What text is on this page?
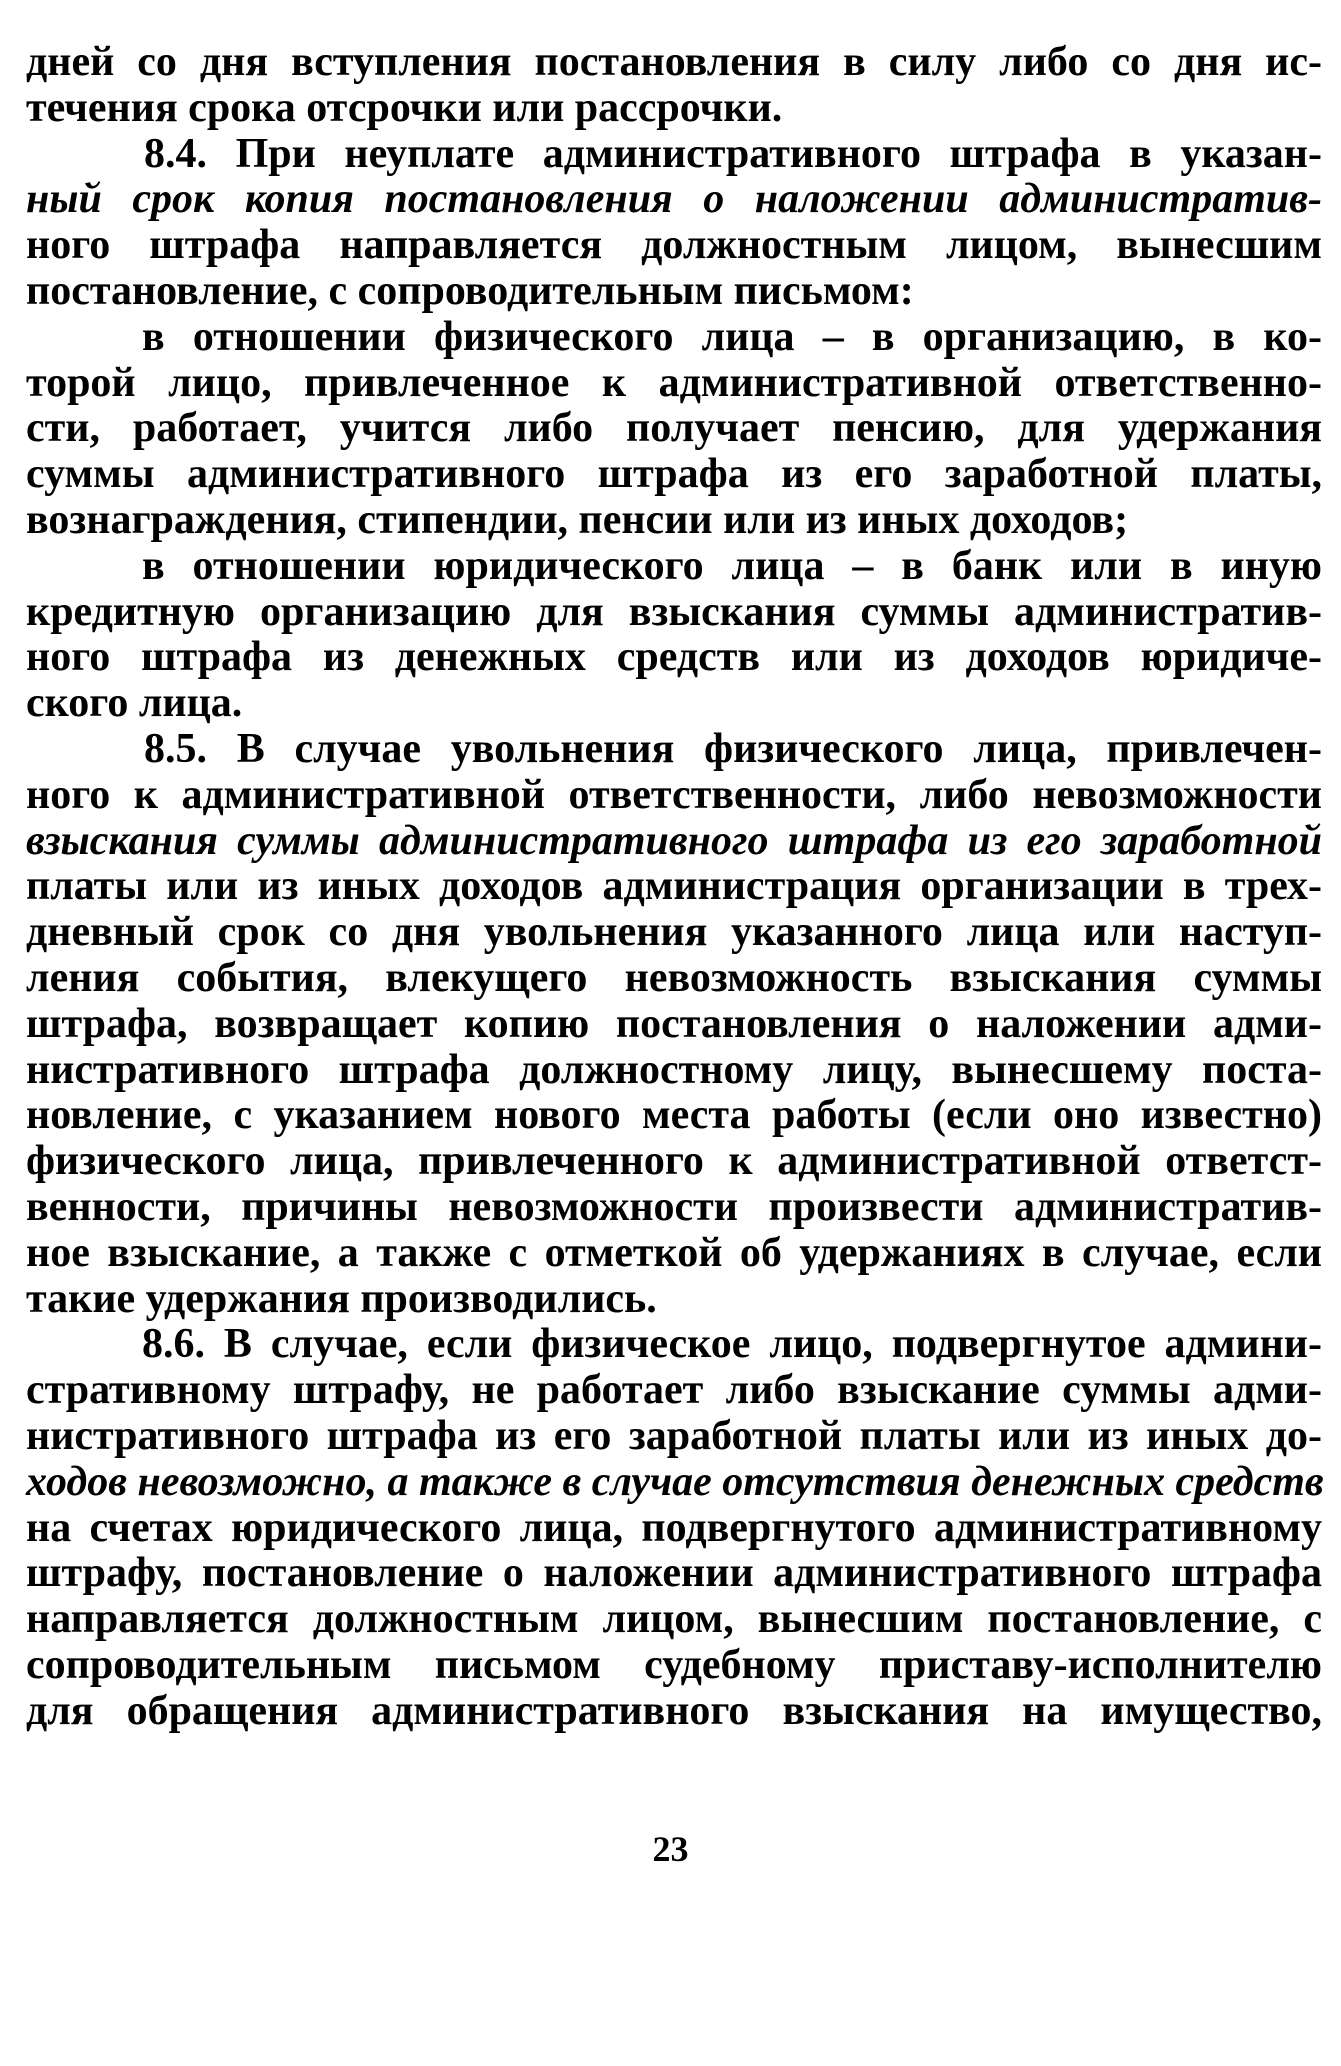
дней со дня вступления постановления в силу либо со дня ис-
течения срока отсрочки или рассрочки.
8.4. При неуплате административного штрафа в указан-
ный срок копия постановления о наложении административ-
ного штрафа направляется должностным лицом, вынесшим
постановление, с сопроводительным письмом:
в отношении физического лица – в организацию, в ко-
торой лицо, привлеченное к административной ответственно-
сти, работает, учится либо получает пенсию, для удержания
суммы административного штрафа из его заработной платы,
вознаграждения, стипендии, пенсии или из иных доходов;
в отношении юридического лица – в банк или в иную
кредитную организацию для взыскания суммы административ-
ного штрафа из денежных средств или из доходов юридиче-
ского лица.
8.5. В случае увольнения физического лица, привлечен-
ного к административной ответственности, либо невозможности
взыскания суммы административного штрафа из его заработной
платы или из иных доходов администрация организации в трех-
дневный срок со дня увольнения указанного лица или наступ-
ления события, влекущего невозможность взыскания суммы
штрафа, возвращает копию постановления о наложении адми-
нистративного штрафа должностному лицу, вынесшему поста-
новление, с указанием нового места работы (если оно известно)
физического лица, привлеченного к административной ответст-
венности, причины невозможности произвести административ-
ное взыскание, а также с отметкой об удержаниях в случае, если
такие удержания производились.
8.6. В случае, если физическое лицо, подвергнутое админи-
стративному штрафу, не работает либо взыскание суммы адми-
нистративного штрафа из его заработной платы или из иных до-
ходов невозможно, а также в случае отсутствия денежных средств
на счетах юридического лица, подвергнутого административному
штрафу, постановление о наложении административного штрафа
направляется должностным лицом, вынесшим постановление, с
сопроводительным письмом судебному приставу-исполнителю
для обращения административного взыскания на имущество,
23
